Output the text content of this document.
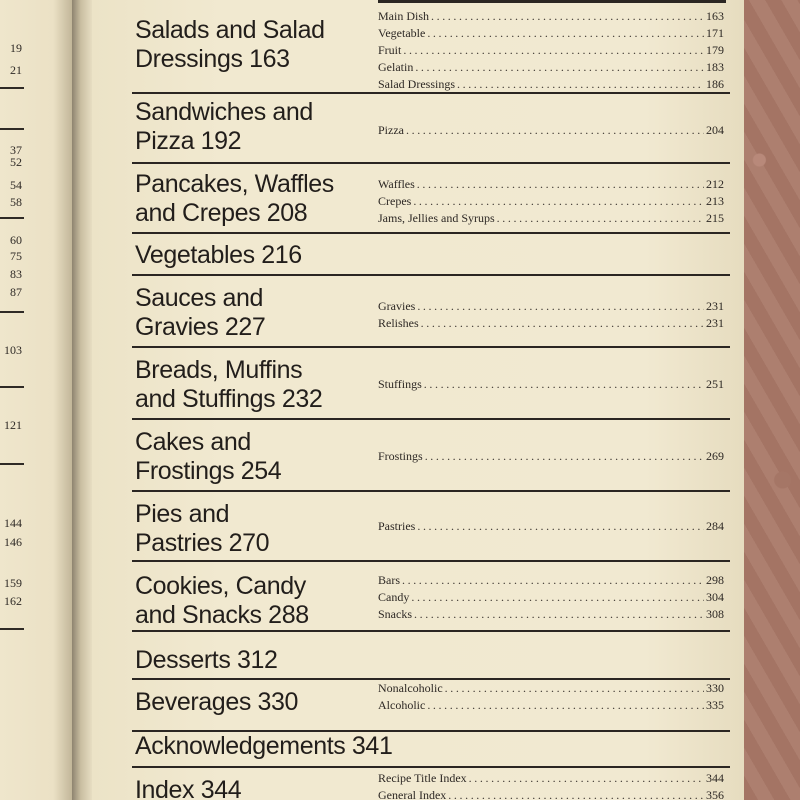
19
21
37
52
54
58
60
75
83
87
103
121
144
146
159
162
Salads and Salad
Dressings 163
Main Dish .....	163
Vegetable .....	171
Fruit .....	179
Gelatin .....	183
Salad Dressings .....	186
Sandwiches and
Pizza 192	Pizza .....	204
Pancakes, Waffles
and Crepes 208
Waffles .....	212
Crepes .....	213
Jams, Jellies and Syrups .....	215
Vegetables 216
Sauces and
Gravies 227
Gravies .....	231
Relishes .....	231
Breads, Muffins
and Stuffings 232
Stuffings .....	251
Cakes and
Frostings 254
Frostings .....	269
Pies and
Pastries 270
Pastries .....	284
Cookies, Candy
and Snacks 288
Bars .....	298
Candy .....	304
Snacks .....	308
Desserts 312
Beverages 330	Nonalcoholic .....	330
Alcoholic .....	335
Acknowledgements 341
Index 344	Recipe Title Index .....	344
General Index .....	356
